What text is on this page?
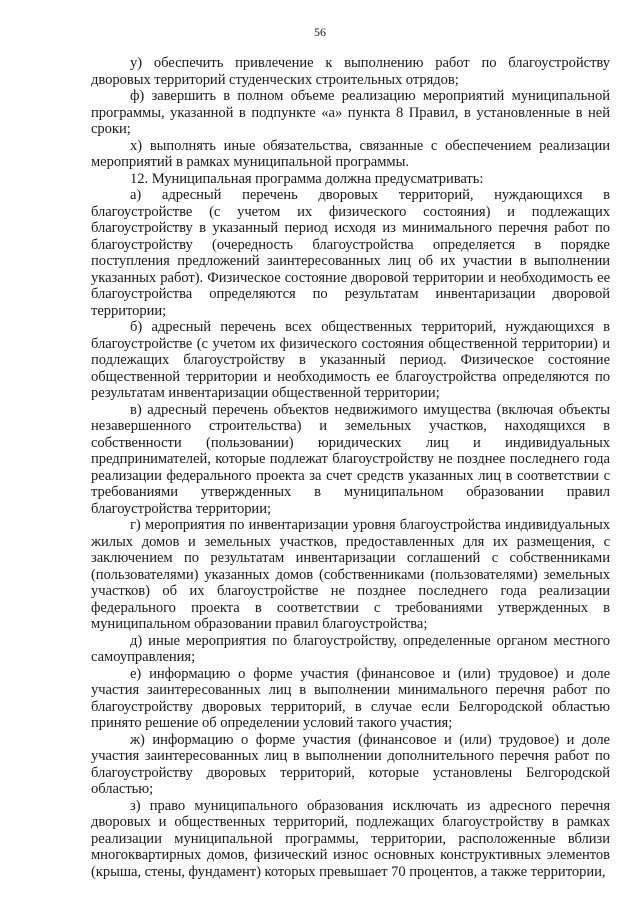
56

у) обеспечить привлечение к выполнению работ по благоустройству дворовых территорий студенческих строительных отрядов;

ф) завершить в полном объеме реализацию мероприятий муниципальной программы, указанной в подпункте «а» пункта 8 Правил, в установленные в ней сроки;

х) выполнять иные обязательства, связанные с обеспечением реализации мероприятий в рамках муниципальной программы.

12. Муниципальная программа должна предусматривать:

а) адресный перечень дворовых территорий, нуждающихся в благоустройстве (с учетом их физического состояния) и подлежащих благоустройству в указанный период исходя из минимального перечня работ по благоустройству (очередность благоустройства определяется в порядке поступления предложений заинтересованных лиц об их участии в выполнении указанных работ). Физическое состояние дворовой территории и необходимость ее благоустройства определяются по результатам инвентаризации дворовой территории;

б) адресный перечень всех общественных территорий, нуждающихся в благоустройстве (с учетом их физического состояния общественной территории) и подлежащих благоустройству в указанный период. Физическое состояние общественной территории и необходимость ее благоустройства определяются по результатам инвентаризации общественной территории;

в) адресный перечень объектов недвижимого имущества (включая объекты незавершенного строительства) и земельных участков, находящихся в собственности (пользовании) юридических лиц и индивидуальных предпринимателей, которые подлежат благоустройству не позднее последнего года реализации федерального проекта за счет средств указанных лиц в соответствии с требованиями утвержденных в муниципальном образовании правил благоустройства территории;

г) мероприятия по инвентаризации уровня благоустройства индивидуальных жилых домов и земельных участков, предоставленных для их размещения, с заключением по результатам инвентаризации соглашений с собственниками (пользователями) указанных домов (собственниками (пользователями) земельных участков) об их благоустройстве не позднее последнего года реализации федерального проекта в соответствии с требованиями утвержденных в муниципальном образовании правил благоустройства;

д) иные мероприятия по благоустройству, определенные органом местного самоуправления;

е) информацию о форме участия (финансовое и (или) трудовое) и доле участия заинтересованных лиц в выполнении минимального перечня работ по благоустройству дворовых территорий, в случае если Белгородской областью принято решение об определении условий такого участия;

ж) информацию о форме участия (финансовое и (или) трудовое) и доле участия заинтересованных лиц в выполнении дополнительного перечня работ по благоустройству дворовых территорий, которые установлены Белгородской областью;

з) право муниципального образования исключать из адресного перечня дворовых и общественных территорий, подлежащих благоустройству в рамках реализации муниципальной программы, территории, расположенные вблизи многоквартирных домов, физический износ основных конструктивных элементов (крыша, стены, фундамент) которых превышает 70 процентов, а также территории,
